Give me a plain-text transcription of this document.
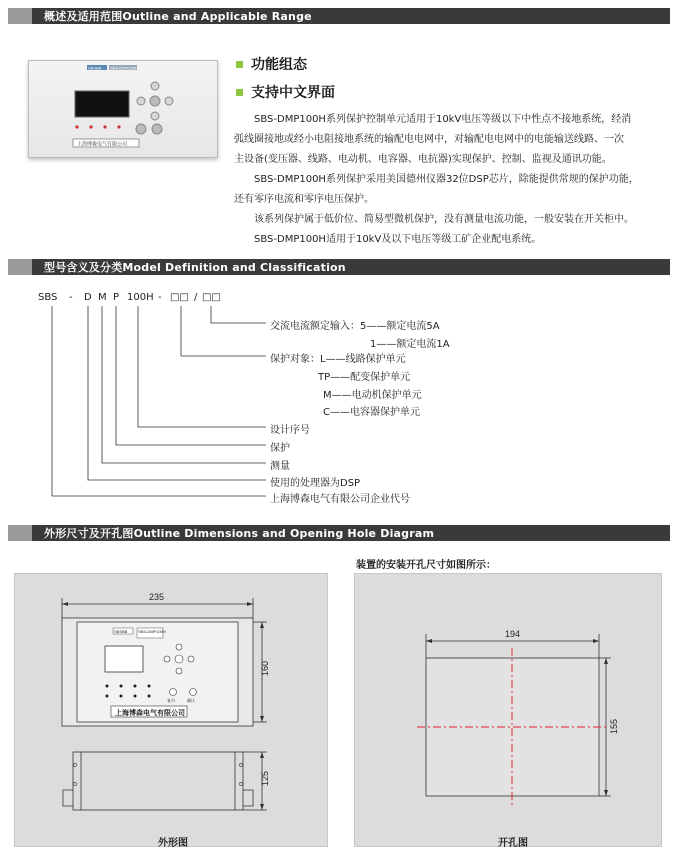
概述及适用范围Outline and Applicable Range
SBSBB SBS-DMP100H
上海博森电气有限公司
功能组态
支持中文界面

SBS-DMP100H系列保护控制单元适用于10kV电压等级以下中性点不接地系统，经消

弧线圈接地或经小电阻接地系统的输配电电网中，对输配电电网中的电能输送线路、一次

主设备(变压器、线路、电动机、电容器、电抗器)实现保护、控制、监视及通讯功能。

SBS-DMP100H系列保护采用美国德州仪器32位DSP芯片，除能提供常规的保护功能，

还有零序电流和零序电压保护。

该系列保护属于低价位、简易型微机保护，没有测量电流功能，一般安装在开关柜中。

SBS-DMP100H适用于10kV及以下电压等级工矿企业配电系统。

型号含义及分类Model Definition and Classification
SBS - D M P 100H - □□ / □□
交流电流额定输入：5——额定电流5A
1——额定电流1A
保护对象：L——线路保护单元
TP——配变保护单元
M——电动机保护单元
C——电容器保护单元
设计序号
保护
测量
使用的处理器为DSP
上海博森电气有限公司企业代号
外形尺寸及开孔图Outline Dimensions and Opening Hole Diagram
装置的安装开孔尺寸如图所示：
235
160
125
SBSBB	SBS-DMP100H
复归	确认
上海博森电气有限公司
外形图
194
155
开孔图
